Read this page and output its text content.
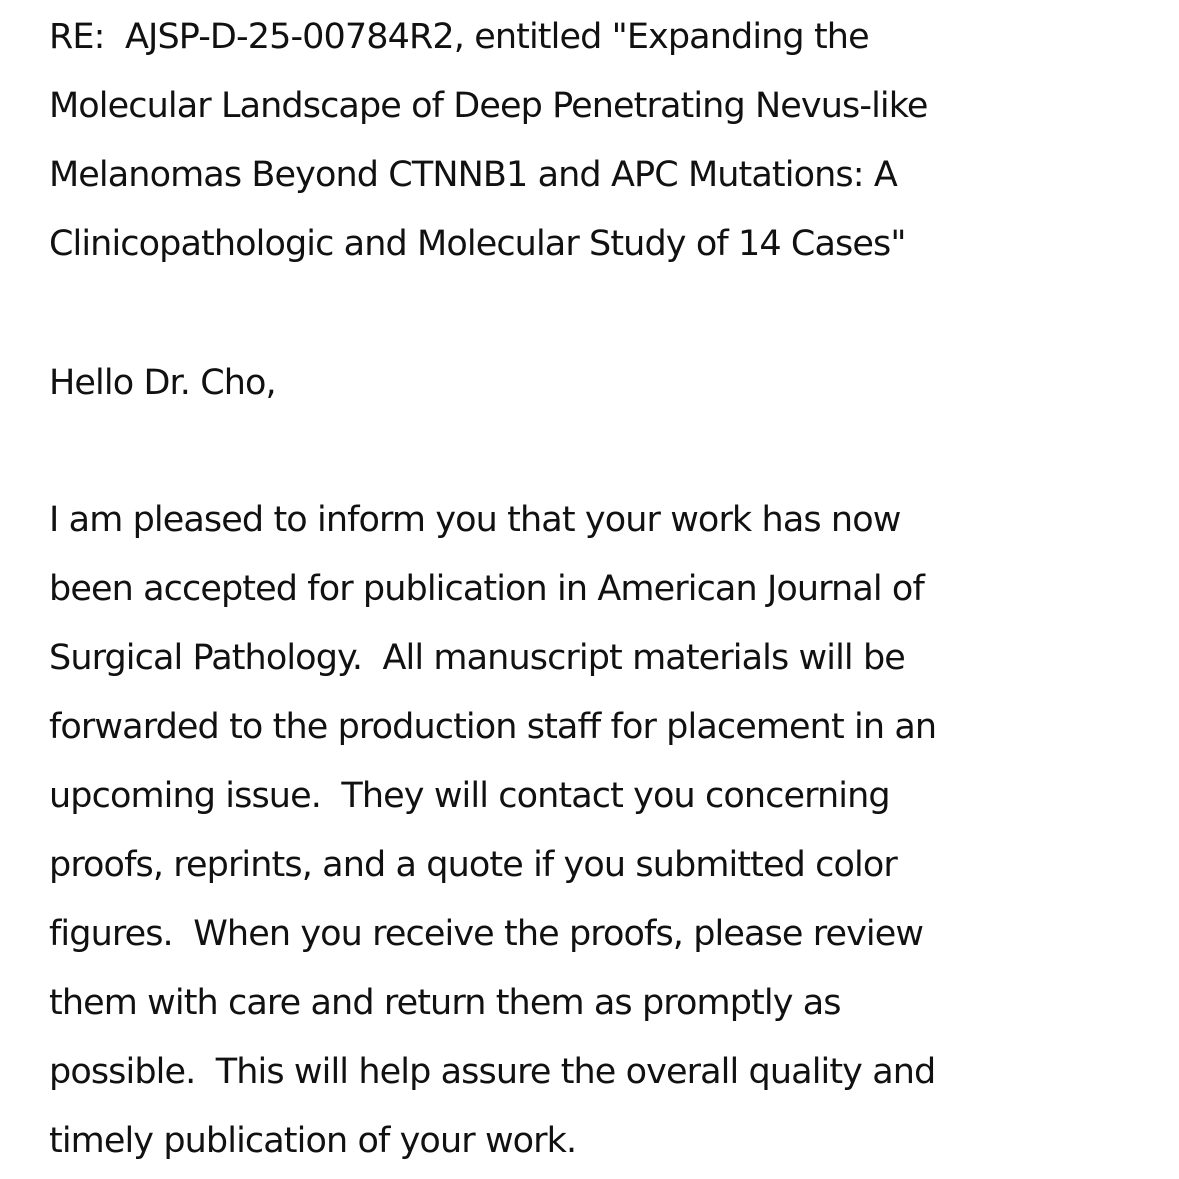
RE:  AJSP-D-25-00784R2, entitled "Expanding the
Molecular Landscape of Deep Penetrating Nevus-like
Melanomas Beyond CTNNB1 and APC Mutations: A
Clinicopathologic and Molecular Study of 14 Cases"
Hello Dr. Cho,
I am pleased to inform you that your work has now
been accepted for publication in American Journal of
Surgical Pathology.  All manuscript materials will be
forwarded to the production staff for placement in an
upcoming issue.  They will contact you concerning
proofs, reprints, and a quote if you submitted color
figures.  When you receive the proofs, please review
them with care and return them as promptly as
possible.  This will help assure the overall quality and
timely publication of your work.
